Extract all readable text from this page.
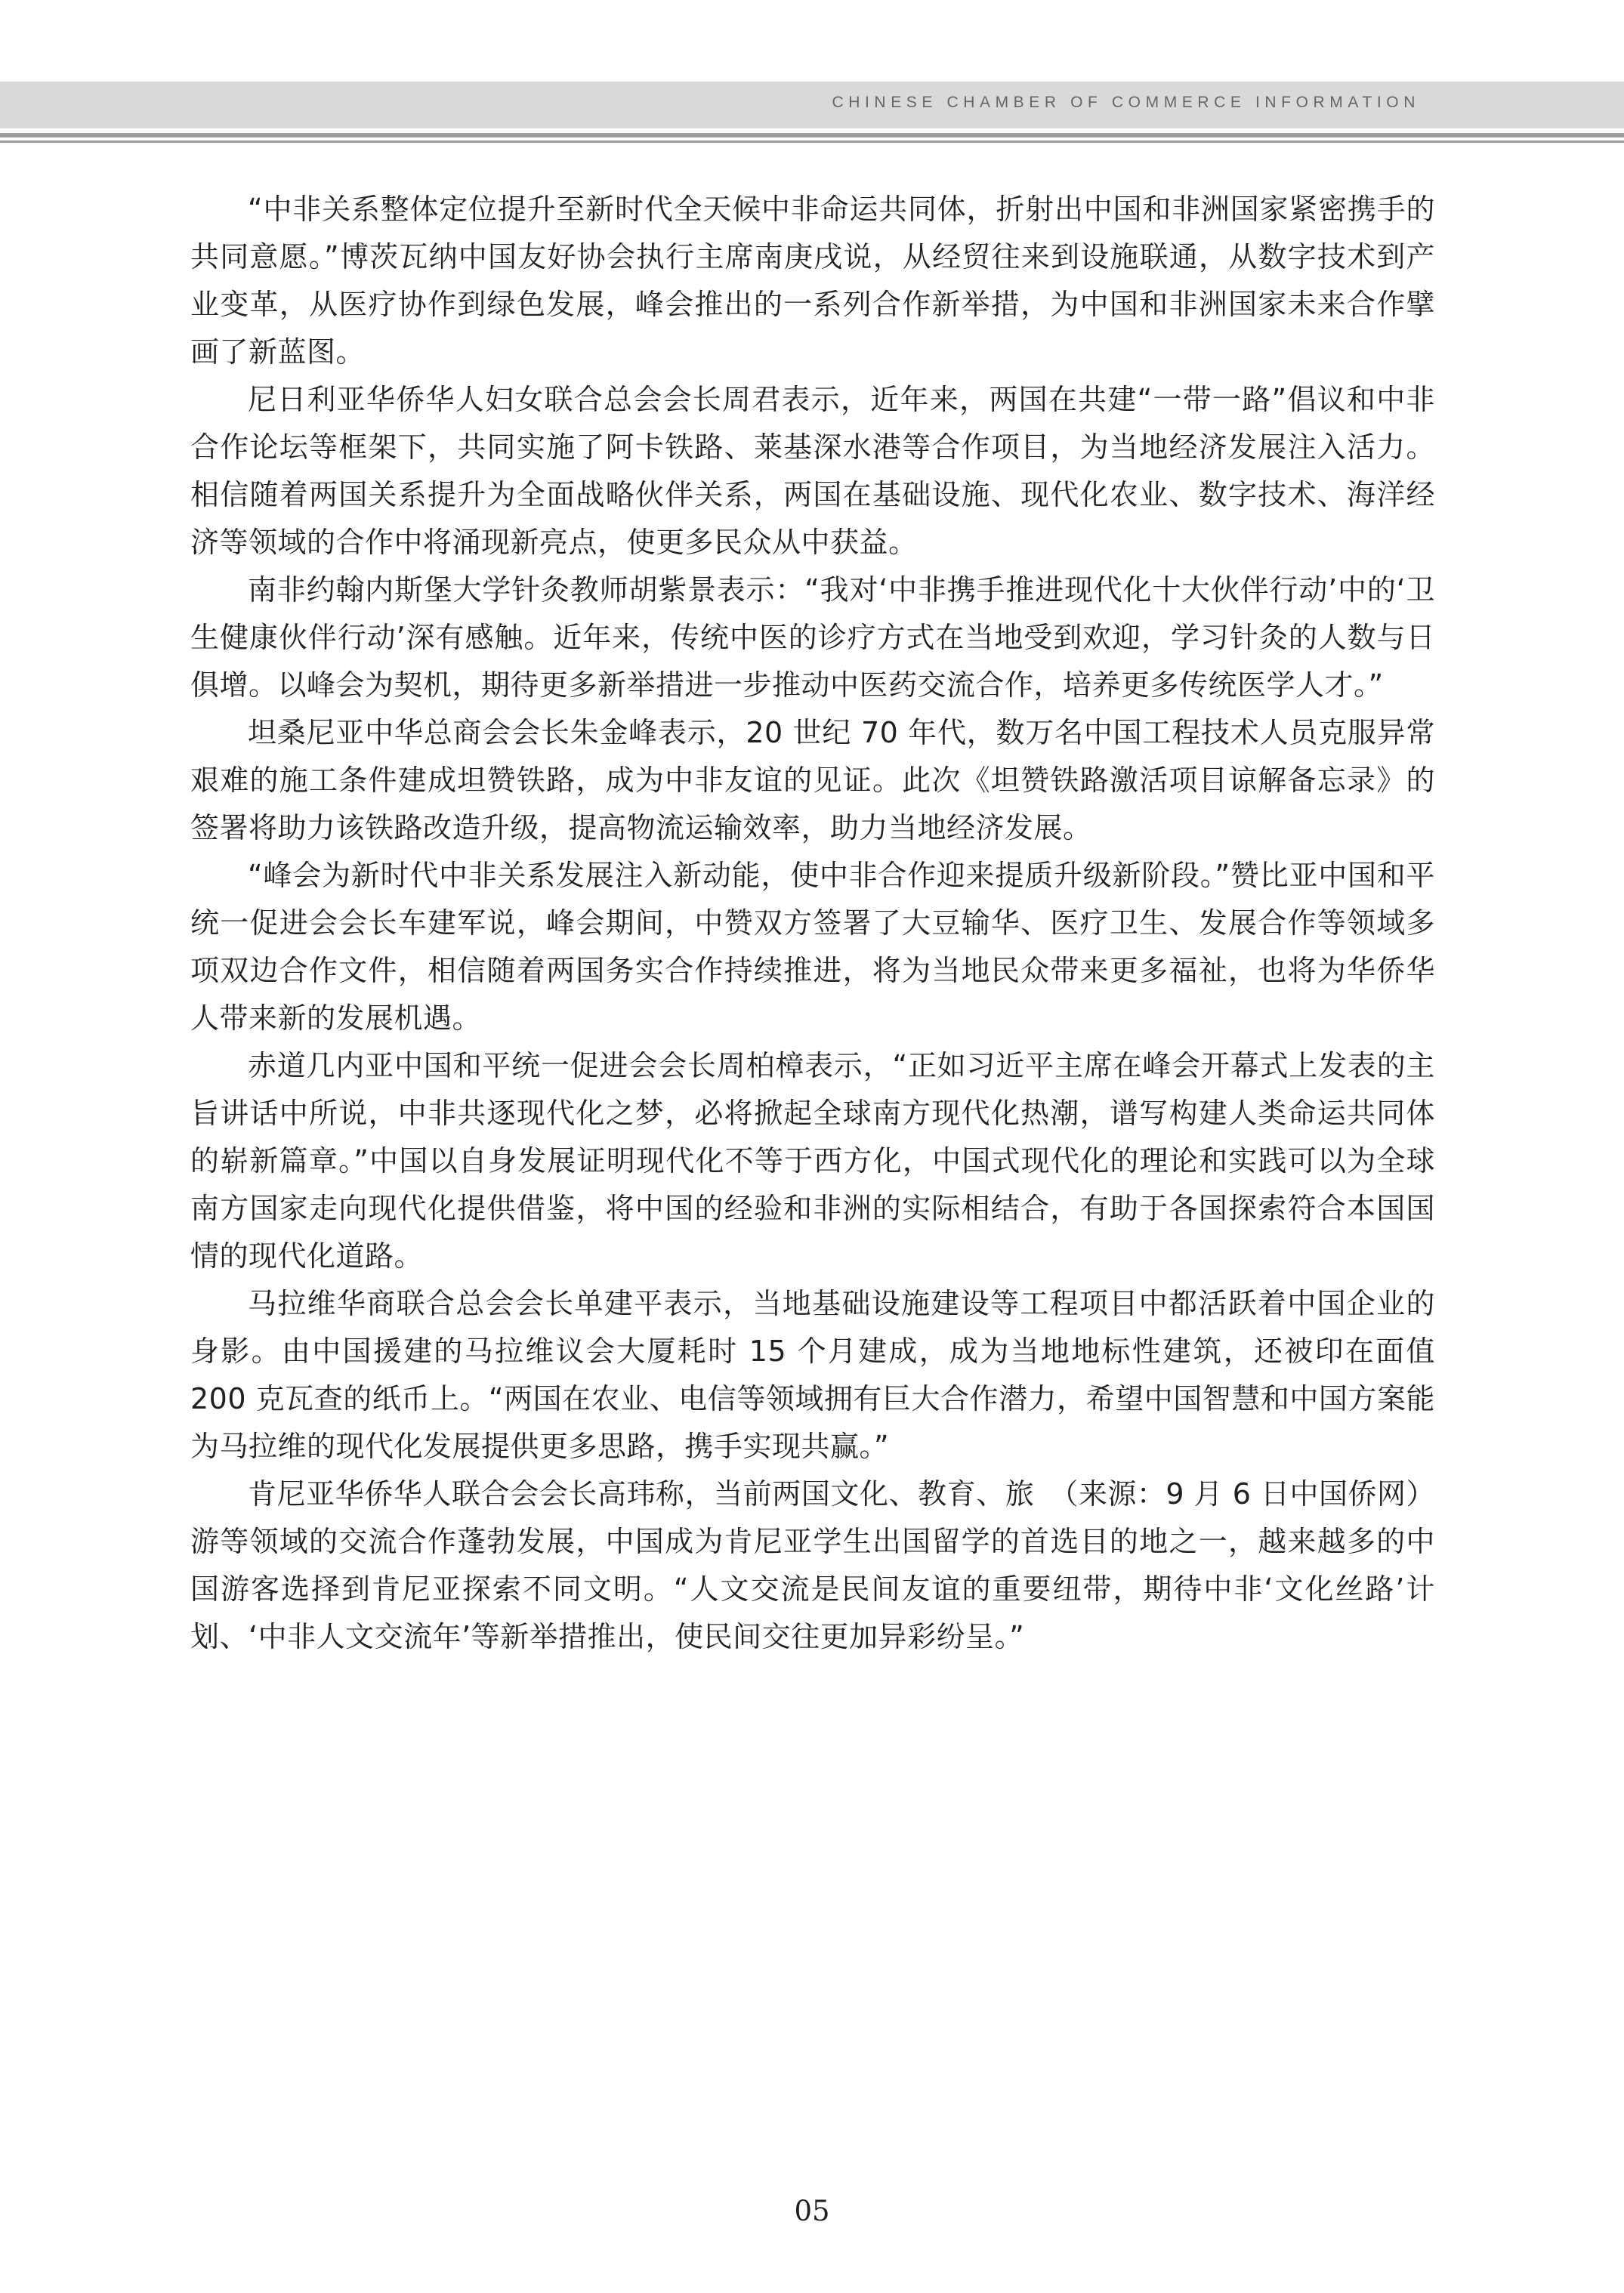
CHINESE CHAMBER OF COMMERCE INFORMATION

“中非关系整体定位提升至新时代全天候中非命运共同体，折射出中国和非洲国家紧密携手的共同意愿。”博茨瓦纳中国友好协会执行主席南庚戌说，从经贸往来到设施联通，从数字技术到产业变革，从医疗协作到绿色发展，峰会推出的一系列合作新举措，为中国和非洲国家未来合作擘画了新蓝图。

尼日利亚华侨华人妇女联合总会会长周君表示，近年来，两国在共建“一带一路”倡议和中非合作论坛等框架下，共同实施了阿卡铁路、莱基深水港等合作项目，为当地经济发展注入活力。相信随着两国关系提升为全面战略伙伴关系，两国在基础设施、现代化农业、数字技术、海洋经济等领域的合作中将涌现新亮点，使更多民众从中获益。

南非约翰内斯堡大学针灸教师胡紫景表示：“我对‘中非携手推进现代化十大伙伴行动’中的‘卫生健康伙伴行动’深有感触。近年来，传统中医的诊疗方式在当地受到欢迎，学习针灸的人数与日俱增。以峰会为契机，期待更多新举措进一步推动中医药交流合作，培养更多传统医学人才。”

坦桑尼亚中华总商会会长朱金峰表示，20 世纪 70 年代，数万名中国工程技术人员克服异常艰难的施工条件建成坦赞铁路，成为中非友谊的见证。此次《坦赞铁路激活项目谅解备忘录》的签署将助力该铁路改造升级，提高物流运输效率，助力当地经济发展。

“峰会为新时代中非关系发展注入新动能，使中非合作迎来提质升级新阶段。”赞比亚中国和平统一促进会会长车建军说，峰会期间，中赞双方签署了大豆输华、医疗卫生、发展合作等领域多项双边合作文件，相信随着两国务实合作持续推进，将为当地民众带来更多福祉，也将为华侨华人带来新的发展机遇。

赤道几内亚中国和平统一促进会会长周柏樟表示，“正如习近平主席在峰会开幕式上发表的主旨讲话中所说，中非共逐现代化之梦，必将掀起全球南方现代化热潮，谱写构建人类命运共同体的崭新篇章。”中国以自身发展证明现代化不等于西方化，中国式现代化的理论和实践可以为全球南方国家走向现代化提供借鉴，将中国的经验和非洲的实际相结合，有助于各国探索符合本国国情的现代化道路。

马拉维华商联合总会会长单建平表示，当地基础设施建设等工程项目中都活跃着中国企业的身影。由中国援建的马拉维议会大厦耗时 15 个月建成，成为当地地标性建筑，还被印在面值 200 克瓦查的纸币上。“两国在农业、电信等领域拥有巨大合作潜力，希望中国智慧和中国方案能为马拉维的现代化发展提供更多思路，携手实现共赢。”

（来源：9 月 6 日中国侨网）
肯尼亚华侨华人联合会会长高玮称，当前两国文化、教育、旅游等领域的交流合作蓬勃发展，中国成为肯尼亚学生出国留学的首选目的地之一，越来越多的中国游客选择到肯尼亚探索不同文明。“人文交流是民间友谊的重要纽带，期待中非‘文化丝路’计划、‘中非人文交流年’等新举措推出，使民间交往更加异彩纷呈。”

05
